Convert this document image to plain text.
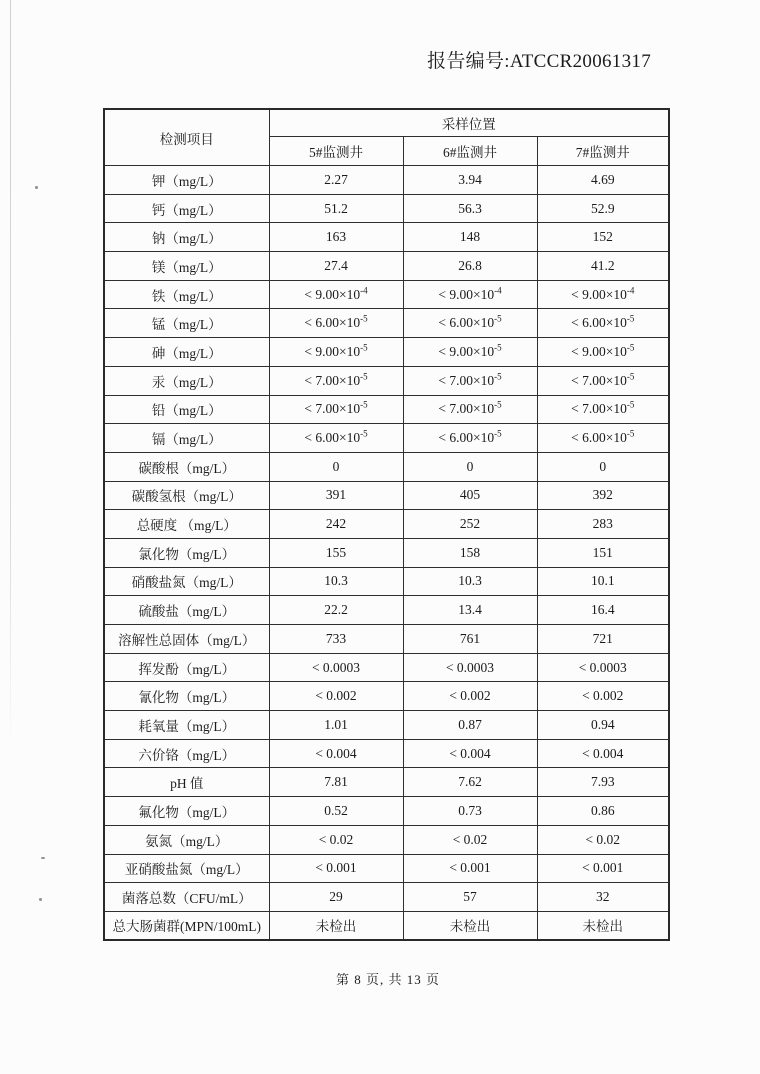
报告编号:ATCCR20061317
检测项目	采样位置		
	5#监测井	6#监测井	7#监测井
钾（mg/L）	2.27	3.94	4.69
钙（mg/L）	51.2	56.3	52.9
钠（mg/L）	163	148	152
镁（mg/L）	27.4	26.8	41.2
铁（mg/L）	< $9.00\times 10^{-4}$	< $9.00\times 10^{-4}$	< $9.00\times 10^{-4}$
锰（mg/L）	< $6.00\times 10^{-5}$	< $6.00\times 10^{-5}$	< $6.00\times 10^{-5}$
砷（mg/L）	< $9.00\times 10^{-5}$	< $9.00\times 10^{-5}$	< $9.00\times 10^{-5}$
汞（mg/L）	< $7.00\times 10^{-5}$	< $7.00\times 10^{-5}$	< $7.00\times 10^{-5}$
铅（mg/L）	< $7.00\times 10^{-5}$	< $7.00\times 10^{-5}$	< $7.00\times 10^{-5}$
镉（mg/L）	< $6.00\times 10^{-5}$	< $6.00\times 10^{-5}$	< $6.00\times 10^{-5}$
碳酸根（mg/L）	0	0	0
碳酸氢根（mg/L）	391	405	392
总硬度 （mg/L）	242	252	283
氯化物（mg/L）	155	158	151
硝酸盐氮（mg/L）	10.3	10.3	10.1
硫酸盐（mg/L）	22.2	13.4	16.4
溶解性总固体（mg/L）	733	761	721
挥发酚（mg/L）	< 0.0003	< 0.0003	< 0.0003
氰化物（mg/L）	< 0.002	< 0.002	< 0.002
耗氧量（mg/L）	1.01	0.87	0.94
六价铬（mg/L）	< 0.004	< 0.004	< 0.004
pH 值	7.81	7.62	7.93
氟化物（mg/L）	0.52	0.73	0.86
氨氮（mg/L）	< 0.02	< 0.02	< 0.02
亚硝酸盐氮（mg/L）	< 0.001	< 0.001	< 0.001
菌落总数（CFU/mL）	29	57	32
总大肠菌群(MPN/100mL)	未检出	未检出	未检出
第 8 页, 共 13 页
